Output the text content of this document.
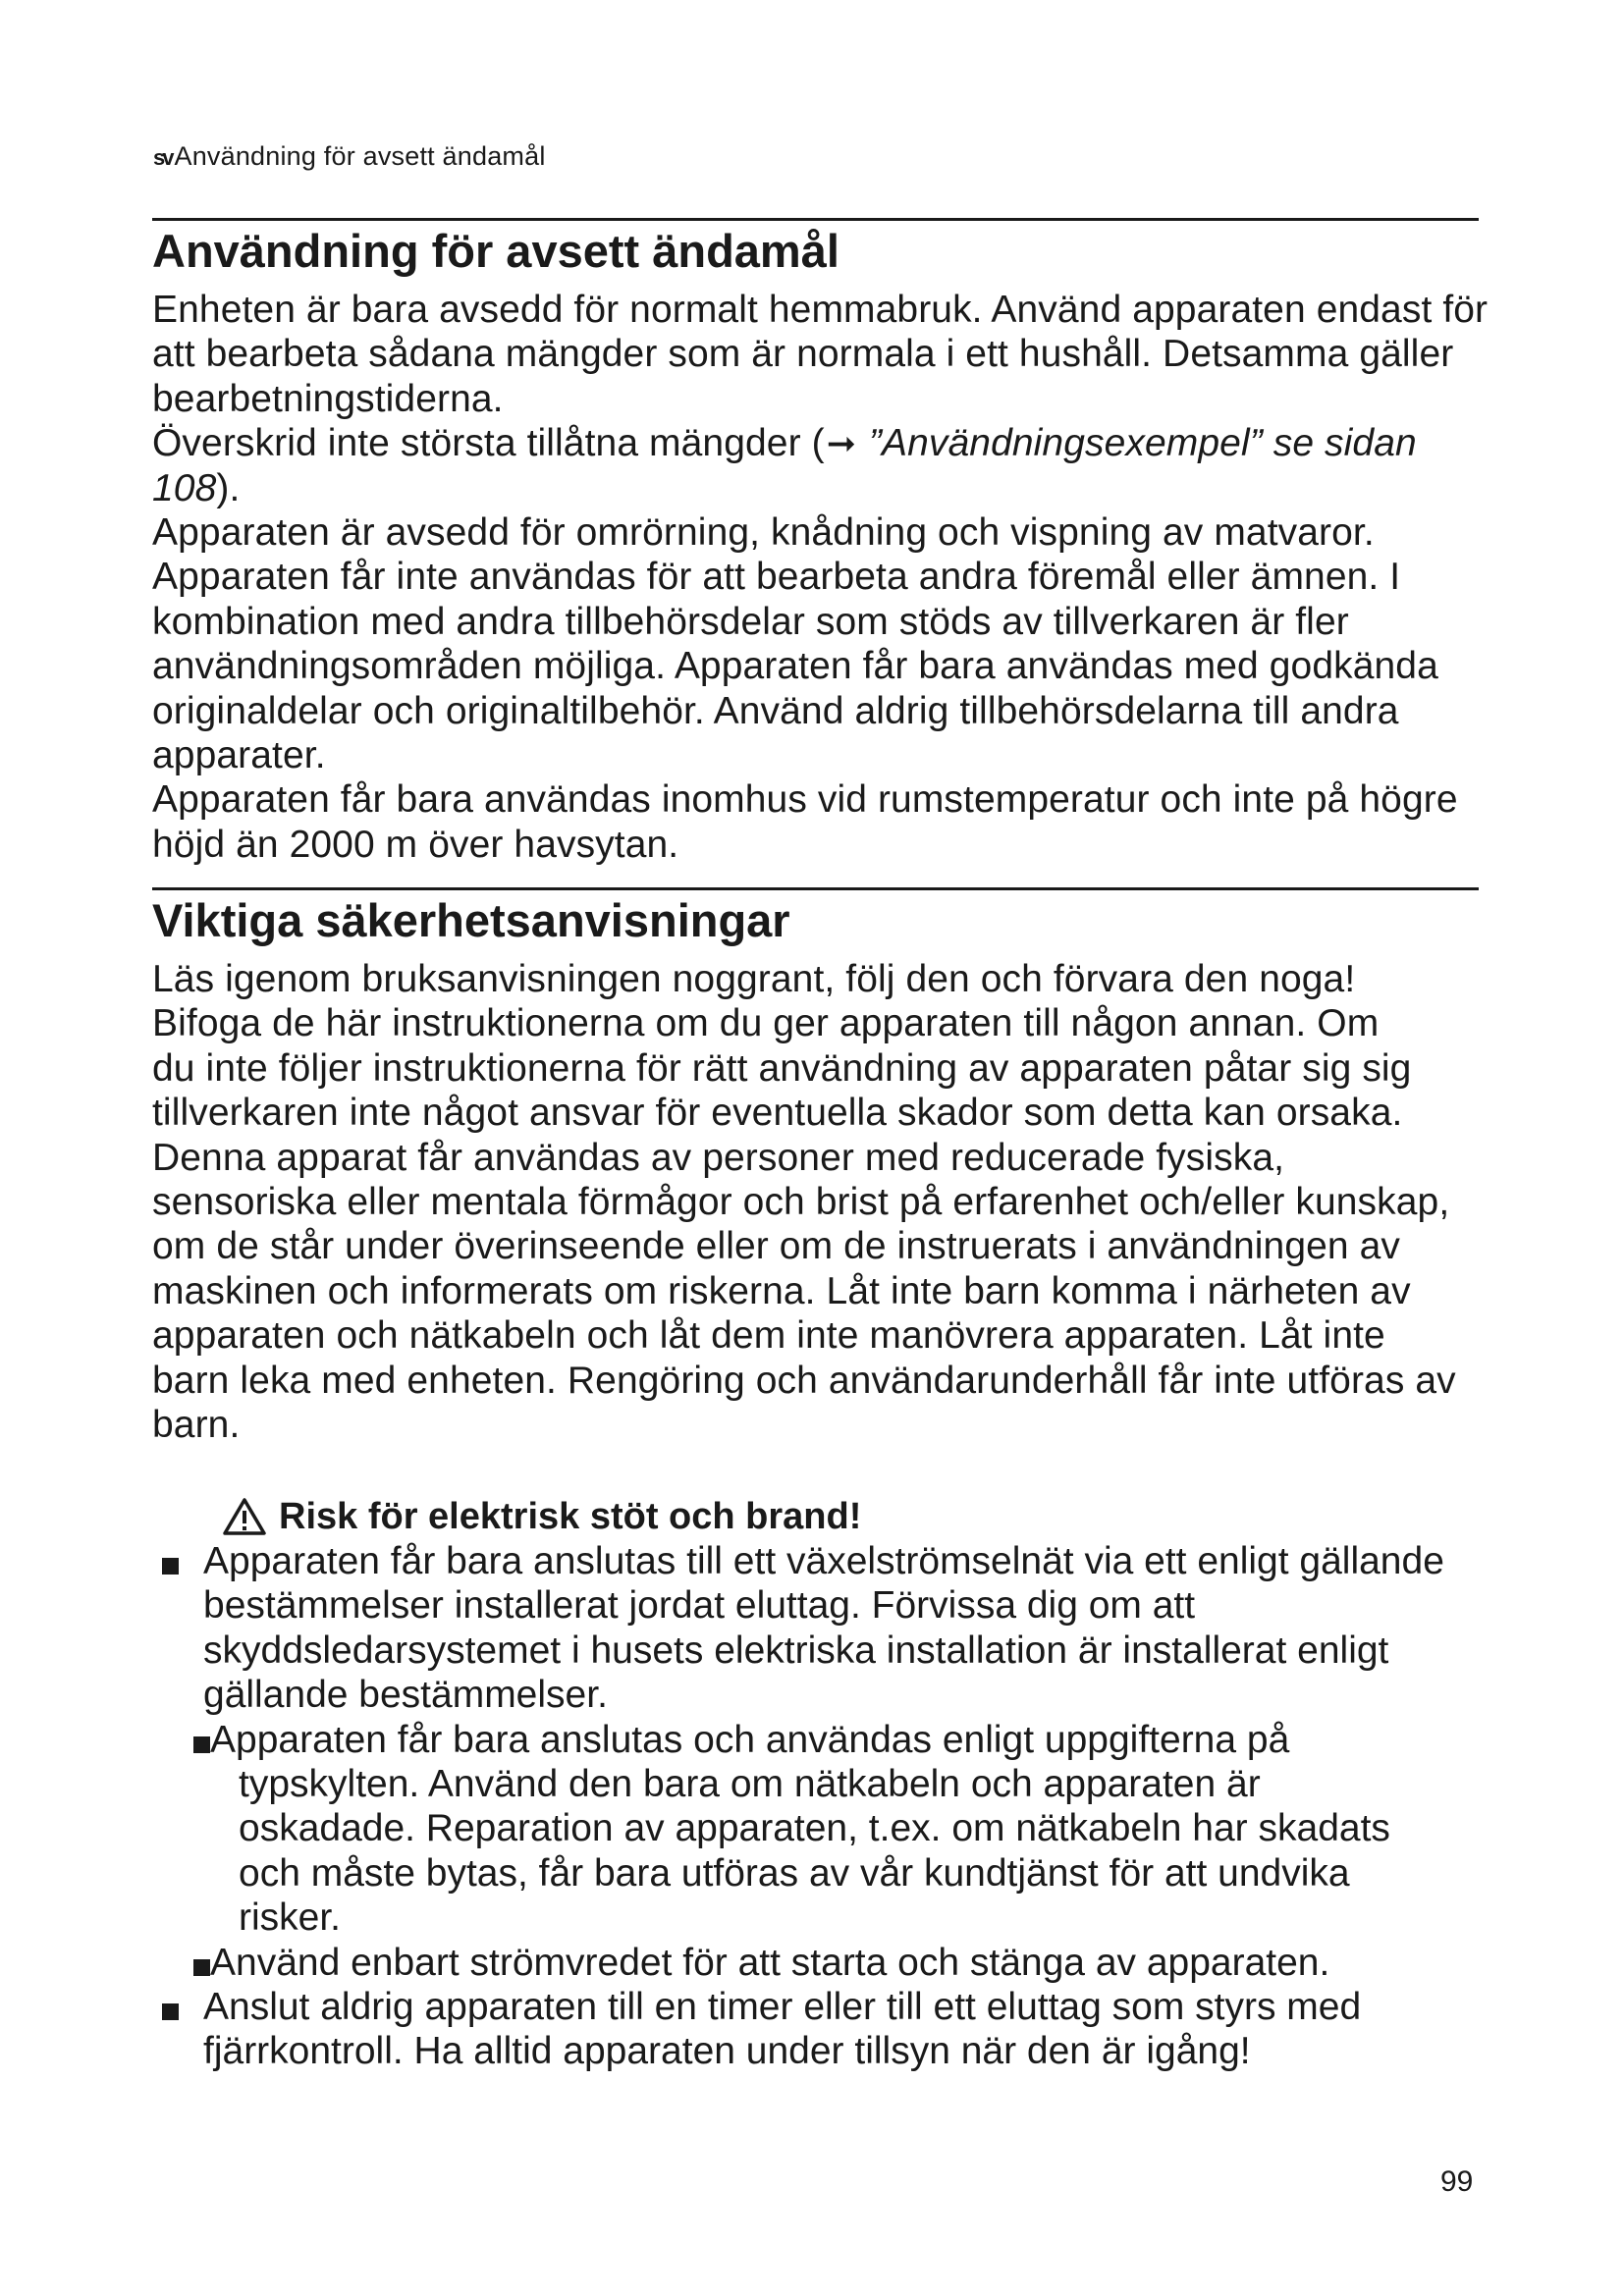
sv Användning för avsett ändamål
Användning för avsett ändamål

Enheten är bara avsedd för normalt hemmabruk. Använd apparaten endast för att bearbeta sådana mängder som är normala i ett hushåll. Detsamma gäller bearbetningstiderna.

Överskrid inte största tillåtna mängder (➞ ”Användningsexempel” se sidan 108).

Apparaten är avsedd för omrörning, knådning och vispning av matvaror. Apparaten får inte användas för att bearbeta andra föremål eller ämnen. I kombination med andra tillbehörsdelar som stöds av tillverkaren är fler användningsområden möjliga. Apparaten får bara användas med godkända originaldelar och originaltilbehör. Använd aldrig tillbehörsdelarna till andra apparater.

Apparaten får bara användas inomhus vid rumstemperatur och inte på högre höjd än 2000 m över havsytan.

Viktiga säkerhetsanvisningar

Läs igenom bruksanvisningen noggrant, följ den och förvara den noga! Bifoga de här instruktionerna om du ger apparaten till någon annan. Om du inte följer instruktionerna för rätt användning av apparaten påtar sig sig tillverkaren inte något ansvar för eventuella skador som detta kan orsaka.

Denna apparat får användas av personer med reducerade fysiska, sensoriska eller mentala förmågor och brist på erfarenhet och/eller kunskap, om de står under överinseende eller om de instruerats i användningen av maskinen och informerats om riskerna. Låt inte barn komma i närheten av apparaten och nätkabeln och låt dem inte manövrera apparaten. Låt inte barn leka med enheten. Rengöring och användarunderhåll får inte utföras av barn.

Risk för elektrisk stöt och brand!
Apparaten får bara anslutas till ett växelströmselnät via ett enligt gällande bestämmelser installerat jordat eluttag. Förvissa dig om att skyddsledarsystemet i husets elektriska installation är installerat enligt gällande bestämmelser.
Apparaten får bara anslutas och användas enligt uppgifterna på typskylten. Använd den bara om nätkabeln och apparaten är oskadade. Reparation av apparaten, t.ex. om nätkabeln har skadats och måste bytas, får bara utföras av vår kundtjänst för att undvika risker.
Använd enbart strömvredet för att starta och stänga av apparaten.
Anslut aldrig apparaten till en timer eller till ett eluttag som styrs med fjärrkontroll. Ha alltid apparaten under tillsyn när den är igång!
99
